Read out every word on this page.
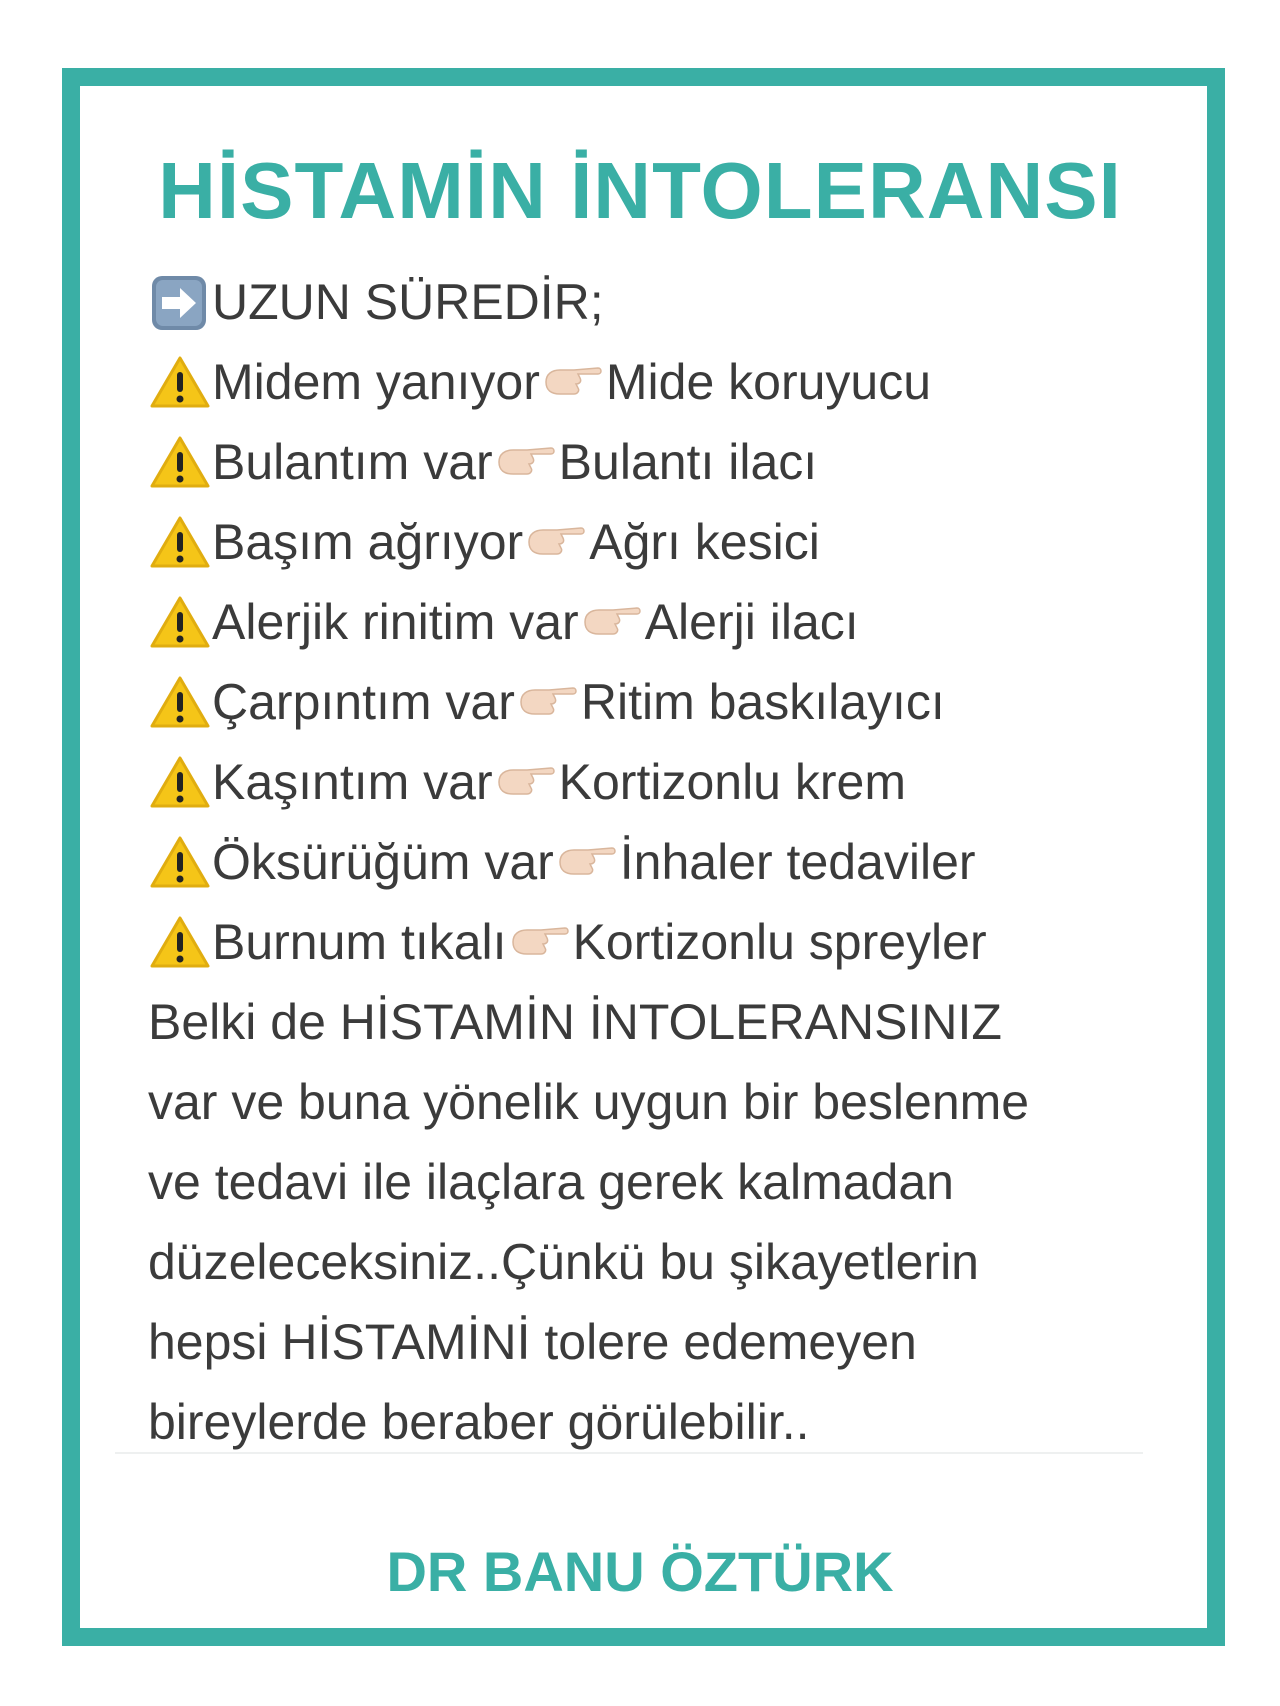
HİSTAMİN İNTOLERANSI
UZUN SÜREDİR;
Midem yanıyor Mide koruyucu
Bulantım var Bulantı ilacı
Başım ağrıyor Ağrı kesici
Alerjik rinitim var Alerji ilacı
Çarpıntım var Ritim baskılayıcı
Kaşıntım var Kortizonlu krem
Öksürüğüm var İnhaler tedaviler
Burnum tıkalı Kortizonlu spreyler
Belki de HİSTAMİN İNTOLERANSINIZ
var ve buna yönelik uygun bir beslenme
ve tedavi ile ilaçlara gerek kalmadan
düzeleceksiniz..Çünkü bu şikayetlerin
hepsi HİSTAMİNİ tolere edemeyen
bireylerde beraber görülebilir..
DR BANU ÖZTÜRK
